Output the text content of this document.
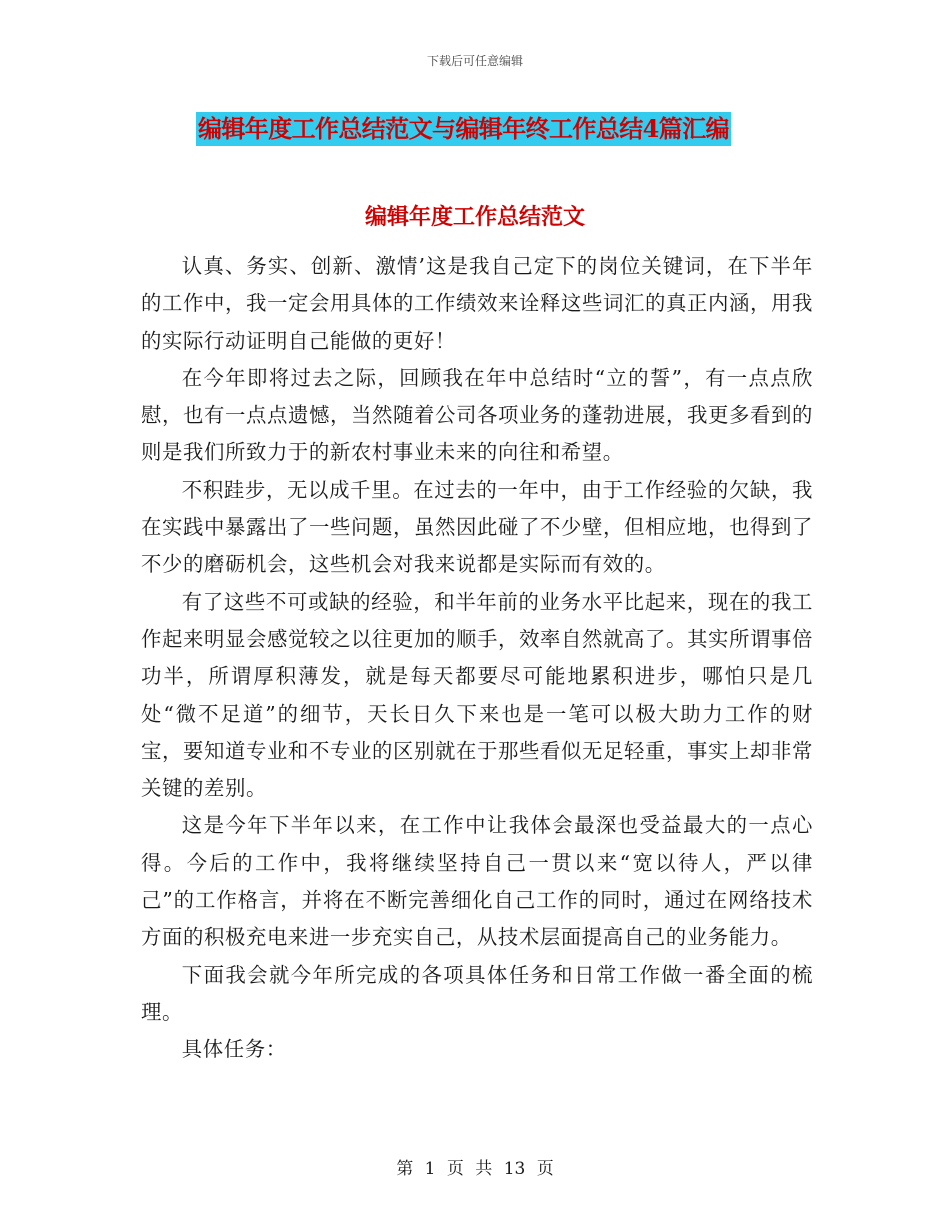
下载后可任意编辑
编辑年度工作总结范文与编辑年终工作总结4篇汇编
编辑年度工作总结范文

认真、务实、创新、激情’这是我自己定下的岗位关键词，在下半年的工作中，我一定会用具体的工作绩效来诠释这些词汇的真正内涵，用我的实际行动证明自己能做的更好！

在今年即将过去之际，回顾我在年中总结时“立的誓”，有一点点欣慰，也有一点点遗憾，当然随着公司各项业务的蓬勃进展，我更多看到的则是我们所致力于的新农村事业未来的向往和希望。

不积跬步，无以成千里。在过去的一年中，由于工作经验的欠缺，我在实践中暴露出了一些问题，虽然因此碰了不少壁，但相应地，也得到了不少的磨砺机会，这些机会对我来说都是实际而有效的。

有了这些不可或缺的经验，和半年前的业务水平比起来，现在的我工作起来明显会感觉较之以往更加的顺手，效率自然就高了。其实所谓事倍功半，所谓厚积薄发，就是每天都要尽可能地累积进步，哪怕只是几处“微不足道”的细节，天长日久下来也是一笔可以极大助力工作的财宝，要知道专业和不专业的区别就在于那些看似无足轻重，事实上却非常关键的差别。

这是今年下半年以来，在工作中让我体会最深也受益最大的一点心得。今后的工作中，我将继续坚持自己一贯以来“宽以待人，严以律己”的工作格言，并将在不断完善细化自己工作的同时，通过在网络技术方面的积极充电来进一步充实自己，从技术层面提高自己的业务能力。

下面我会就今年所完成的各项具体任务和日常工作做一番全面的梳理。

具体任务：

第 1 页 共 13 页
